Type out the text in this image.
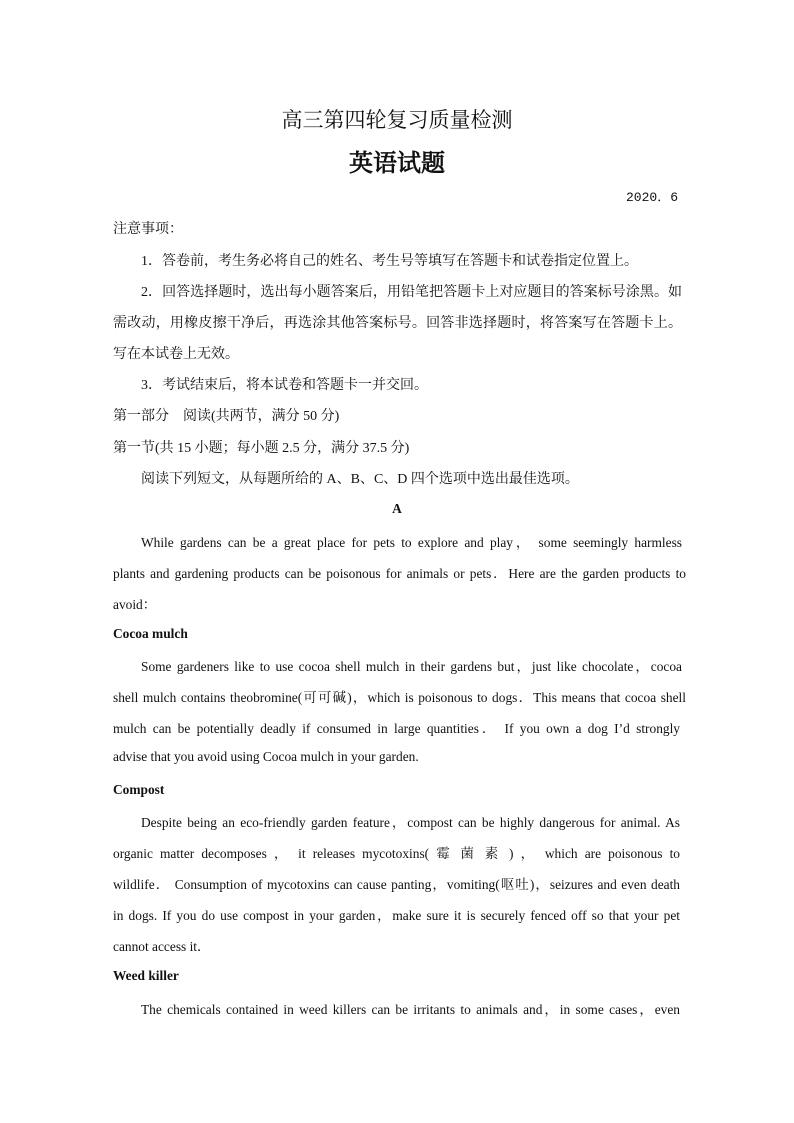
高三第四轮复习质量检测
英语试题
2020．6
注意事项：
1．答卷前，考生务必将自己的姓名、考生号等填写在答题卡和试卷指定位置上。
2．回答选择题时，选出每小题答案后，用铅笔把答题卡上对应题目的答案标号涂黑。如
需改动，用橡皮擦干净后，再选涂其他答案标号。回答非选择题时，将答案写在答题卡上。
写在本试卷上无效。
3．考试结束后，将本试卷和答题卡一并交回。
第一部分　阅读(共两节，满分 50 分)
第一节(共 15 小题；每小题 2.5 分，满分 37.5 分)
阅读下列短文，从每题所给的 A、B、C、D 四个选项中选出最佳选项。
A
While gardens can be a great place for pets to explore and play， some seemingly harmless
plants and gardening products can be poisonous for animals or pets．Here are the garden products to
avoid：
Cocoa mulch
Some gardeners like to use cocoa shell mulch in their gardens but，just like chocolate，cocoa
shell mulch contains theobromine(可可碱)，which is poisonous to dogs．This means that cocoa shell
mulch can be potentially deadly if consumed in large quantities． If you own a dog I’d strongly
advise that you avoid using Cocoa mulch in your garden.
Compost
Despite being an eco-friendly garden feature，compost can be highly dangerous for animal. As
organic matter decomposes ， it releases mycotoxins( 霉 菌 素 ) ， which are poisonous to
wildlife． Consumption of mycotoxins can cause panting，vomiting(呕吐)，seizures and even death
in dogs. If you do use compost in your garden，make sure it is securely fenced off so that your pet
cannot access it．
Weed killer
The chemicals contained in weed killers can be irritants to animals and，in some cases，even
